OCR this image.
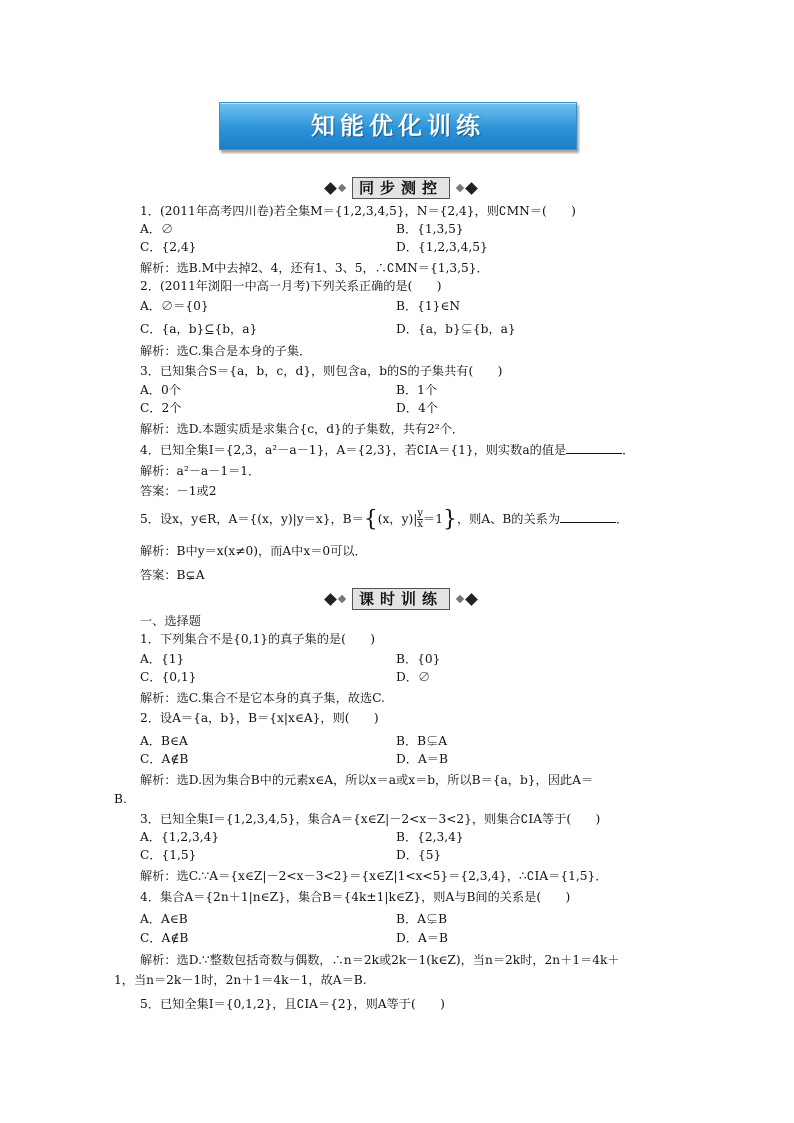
知能优化训练
同步测控
1．(2011年高考四川卷)若全集M＝{1,2,3,4,5}，N＝{2,4}，则∁MN＝(　　)
A．∅	B．{1,3,5}
C．{2,4}	D．{1,2,3,4,5}
解析：选B.M中去掉2、4，还有1、3、5，∴∁MN＝{1,3,5}．
2．(2011年浏阳一中高一月考)下列关系正确的是(　　)
A．∅＝{0}	B．{1}∈N
C．{a，b}⊆{b，a}	D．{a，b}⊊{b，a}
解析：选C.集合是本身的子集．
3．已知集合S＝{a，b，c，d}，则包含a，b的S的子集共有(　　)
A．0个	B．1个
C．2个	D．4个
解析：选D.本题实质是求集合{c，d}的子集数，共有2²个．
4．已知全集I＝{2,3，a²－a－1}，A＝{2,3}，若∁IA＝{1}，则实数a的值是	．
解析：a²－a－1＝1．
答案：－1或2
5．设x，y∈R，A＝{(x，y)|y＝x}，B＝{(x，$y)| \frac{y}{x} =1$}，则A、B的关系为	．
解析：B中y＝x(x≠0)，而A中x＝0可以．
答案：B⊊A
课时训练
一、选择题
1．下列集合不是{0,1}的真子集的是(　　)
A．{1}	B．{0}
C．{0,1}	D．∅
解析：选C.集合不是它本身的真子集，故选C.
2．设A＝{a，b}，B＝{x|x∈A}，则(　　)
A．B∈A	B．B⊊A
C．A∉B	D．A＝B
解析：选D.因为集合B中的元素x∈A，所以x＝a或x＝b，所以B＝{a，b}，因此A＝
B.
3．已知全集I＝{1,2,3,4,5}，集合A＝{x∈Z|－2<x－3<2}，则集合∁IA等于(　　)
A．{1,2,3,4}	B．{2,3,4}
C．{1,5}	D．{5}
解析：选C.∵A＝{x∈Z|－2<x－3<2}＝{x∈Z|1<x<5}＝{2,3,4}，∴∁IA＝{1,5}．
4．集合A＝{2n＋1|n∈Z}，集合B＝{4k±1|k∈Z}，则A与B间的关系是(　　)
A．A∈B	B．A⊊B
C．A∉B	D．A＝B
解析：选D.∵整数包括奇数与偶数，∴n＝2k或2k－1(k∈Z)，当n＝2k时，2n＋1＝4k＋
1，当n＝2k－1时，2n＋1＝4k－1，故A＝B.
5．已知全集I＝{0,1,2}，且∁IA＝{2}，则A等于(　　)
